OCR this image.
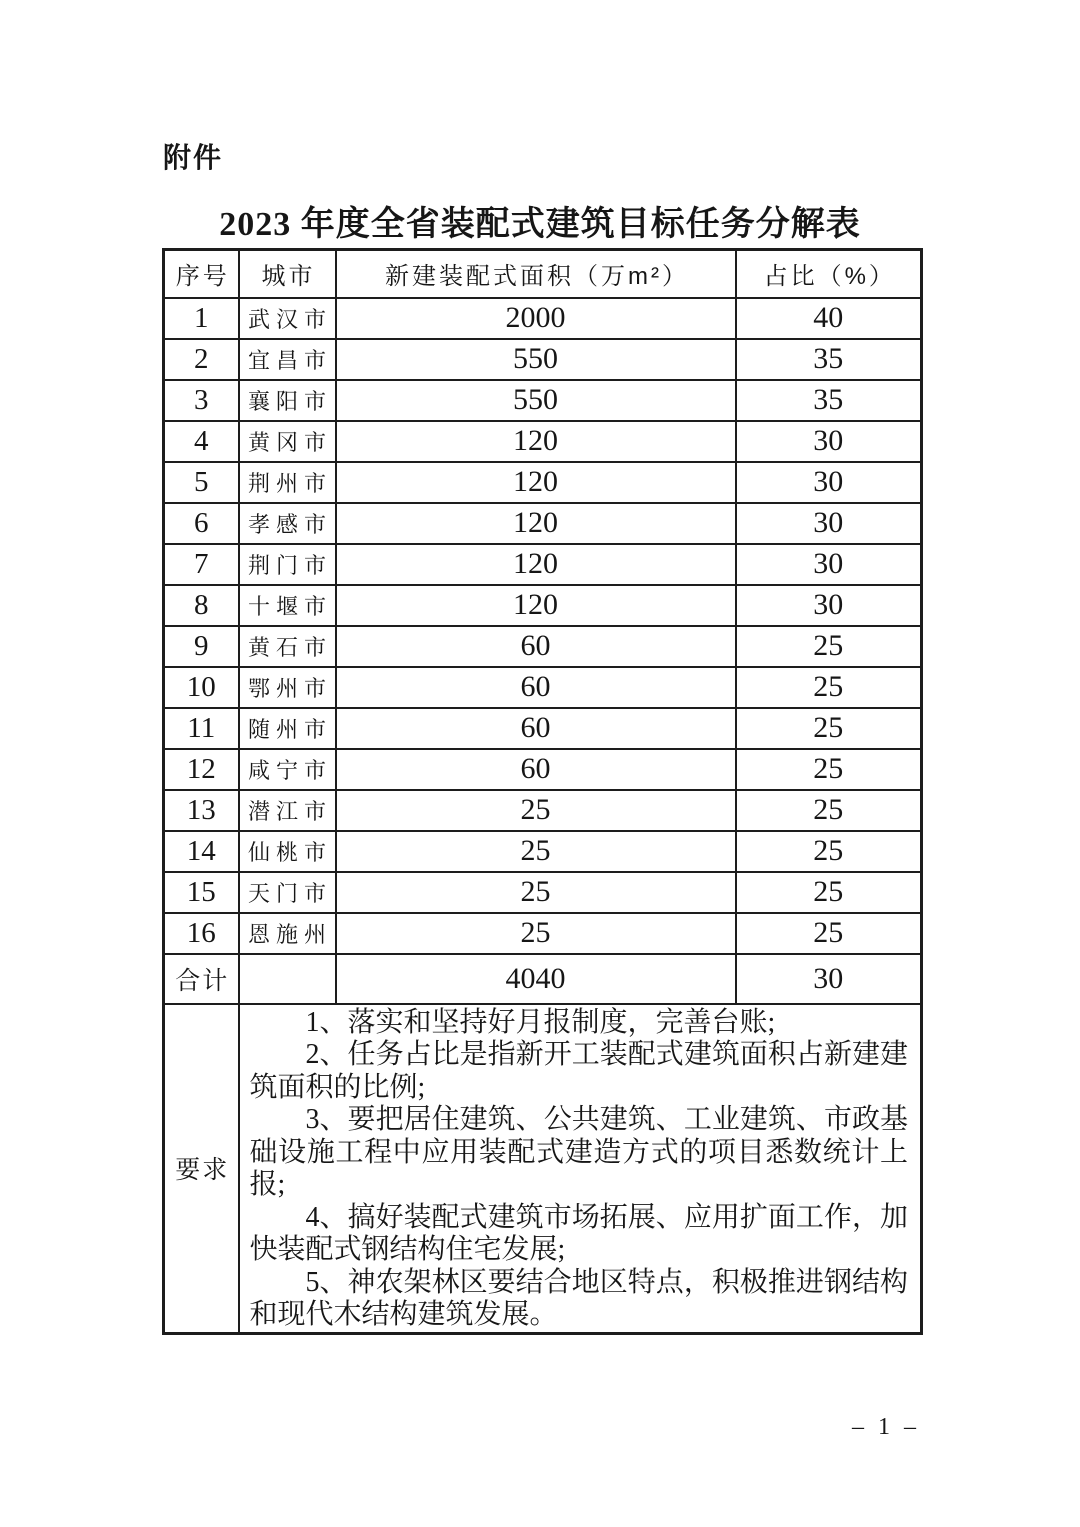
附件
2023 年度全省装配式建筑目标任务分解表
序号	城市	新建装配式面积（万m²）	占比（%）
1	武汉市	2000	40
2	宜昌市	550	35
3	襄阳市	550	35
4	黄冈市	120	30
5	荆州市	120	30
6	孝感市	120	30
7	荆门市	120	30
8	十堰市	120	30
9	黄石市	60	25
10	鄂州市	60	25
11	随州市	60	25
12	咸宁市	60	25
13	潜江市	25	25
14	仙桃市	25	25
15	天门市	25	25
16	恩施州	25	25
合计		4040	30
要求	1、落实和坚持好月报制度，完善台账;

2、任务占比是指新开工装配式建筑面积占新建建筑面积的比例;

3、要把居住建筑、公共建筑、工业建筑、市政基础设施工程中应用装配式建造方式的项目悉数统计上报;

4、搞好装配式建筑市场拓展、应用扩面工作，加快装配式钢结构住宅发展;

5、神农架林区要结合地区特点，积极推进钢结构和现代木结构建筑发展。		

– 1 –
